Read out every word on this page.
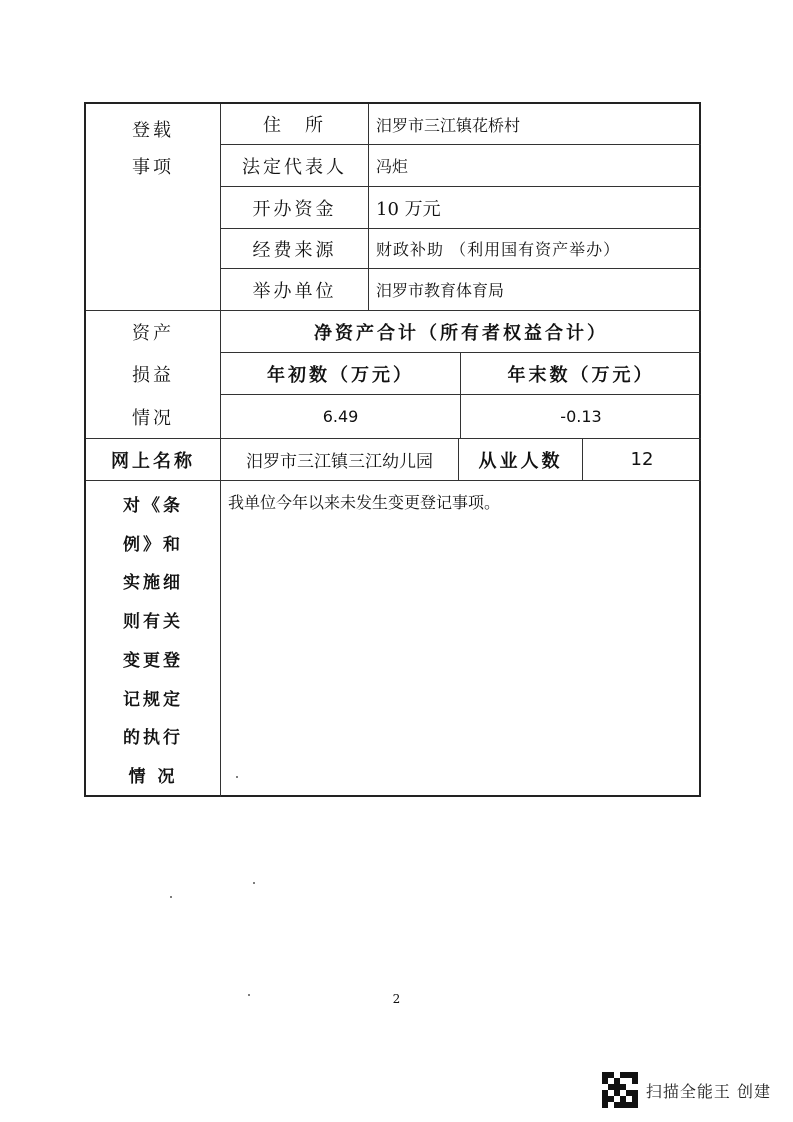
登载
事项
住　所	汨罗市三江镇花桥村
法定代表人	冯炬
开办资金	10 万元
经费来源	财政补助 （利用国有资产举办）
举办单位	汨罗市教育体育局
资产
损益
情况
净资产合计（所有者权益合计）
年初数（万元）	年末数（万元）
6.49	-0.13
网上名称	汨罗市三江镇三江幼儿园	从业人数	12
对《条
例》和
实施细
则有关
变更登
记规定
的执行
情 况
我单位今年以来未发生变更登记事项。
2
扫描全能王 创建
